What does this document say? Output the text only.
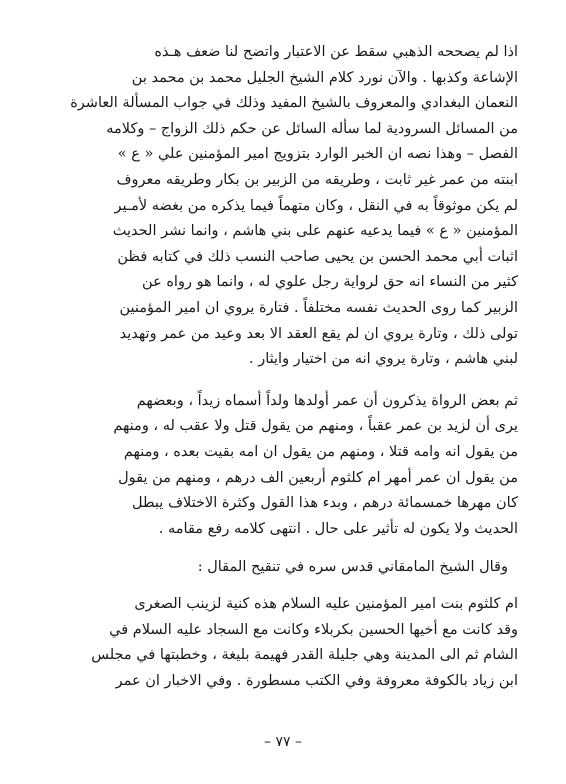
اذا لم يصححه الذهبي سقط عن الاعتبار واتضح لنا ضعف هـذه
الإشاعة وكذبها . والآن نورد كلام الشيخ الجليل محمد بن محمد بن
النعمان البغدادي والمعروف بالشيخ المفيد وذلك في جواب المسألة العاشرة
من المسائل السرودية لما سأله السائل عن حكم ذلك الزواج – وكلامه
الفصل – وهذا نصه ان الخبر الوارد بتزويج امير المؤمنين علي « ع »
ابنته من عمر غير ثابت ، وطريقه من الزبير بن بكار وطريقه معروف
لم يكن موثوقاً به في النقل ، وكان متهماً فيما يذكره من بغضه لأمـير
المؤمنين « ع » فيما يدعيه عنهم على بني هاشم ، وانما نشر الحديث
اثبات أبي محمد الحسن بن يحيى صاحب النسب ذلك في كتابه فظن
كثير من النساء انه حق لرواية رجل علوي له ، وانما هو رواه عن
الزبير كما روى الحديث نفسه مختلفاً . فتارة يروي ان امير المؤمنين
تولى ذلك ، وتارة يروي ان لم يقع العقد الا بعد وعيد من عمر وتهديد
لبني هاشم ، وتارة يروي انه من اختيار وايثار .

ثم بعض الرواة يذكرون أن عمر أولدها ولداً أسماه زيداً ، وبعضهم
يرى أن لزيد بن عمر عقباً ، ومنهم من يقول قتل ولا عقب له ، ومنهم
من يقول انه وامه قتلا ، ومنهم من يقول ان امه بقيت بعده ، ومنهم
من يقول ان عمر أمهر ام كلثوم أربعين الف درهم ، ومنهم من يقول
كان مهرها خمسمائة درهم ، وبدء هذا القول وكثرة الاختلاف يبطل
الحديث ولا يكون له تأثير على حال . انتهى كلامه رفع مقامه .

وقال الشيخ المامقاني قدس سره في تنقيح المقال :

ام كلثوم بنت امير المؤمنين عليه السلام هذه كنية لزينب الصغرى
وقد كانت مع أخيها الحسين بكربلاء وكانت مع السجاد عليه السلام في
الشام ثم الى المدينة وهي جليلة القدر فهيمة بليغة ، وخطبتها في مجلس
ابن زياد بالكوفة معروفة وفي الكتب مسطورة . وفي الاخبار ان عمر

– ٧٧ –
